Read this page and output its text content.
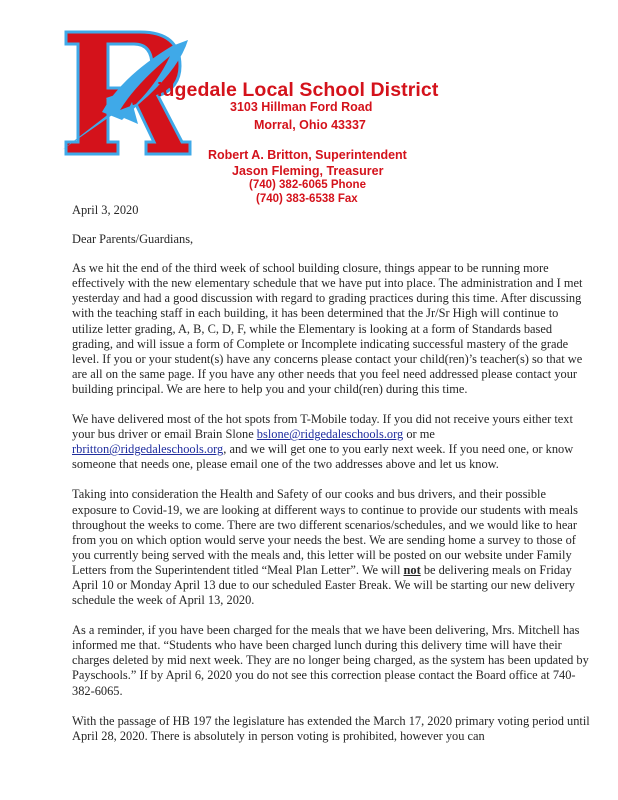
idgedale Local School District
3103 Hillman Ford Road
Morral, Ohio 43337
Robert A. Britton, Superintendent
Jason Fleming, Treasurer
(740) 382-6065 Phone
(740) 383-6538 Fax

April 3, 2020

Dear Parents/Guardians,

As we hit the end of the third week of school building closure, things appear to be running more effectively with the new elementary schedule that we have put into place. The administration and I met yesterday and had a good discussion with regard to grading practices during this time. After discussing with the teaching staff in each building, it has been determined that the Jr/Sr High will continue to utilize letter grading, A, B, C, D, F, while the Elementary is looking at a form of Standards based grading, and will issue a form of Complete or Incomplete indicating successful mastery of the grade level. If you or your student(s) have any concerns please contact your child(ren)’s teacher(s) so that we are all on the same page. If you have any other needs that you feel need addressed please contact your building principal. We are here to help you and your child(ren) during this time.

We have delivered most of the hot spots from T-Mobile today. If you did not receive yours either text your bus driver or email Brain Slone bslone@ridgedaleschools.org or me rbritton@ridgedaleschools.org, and we will get one to you early next week. If you need one, or know someone that needs one, please email one of the two addresses above and let us know.

Taking into consideration the Health and Safety of our cooks and bus drivers, and their possible exposure to Covid-19, we are looking at different ways to continue to provide our students with meals throughout the weeks to come. There are two different scenarios/schedules, and we would like to hear from you on which option would serve your needs the best. We are sending home a survey to those of you currently being served with the meals and, this letter will be posted on our website under Family Letters from the Superintendent titled “Meal Plan Letter”. We will not be delivering meals on Friday April 10 or Monday April 13 due to our scheduled Easter Break. We will be starting our new delivery schedule the week of April 13, 2020.

As a reminder, if you have been charged for the meals that we have been delivering, Mrs. Mitchell has informed me that. “Students who have been charged lunch during this delivery time will have their charges deleted by mid next week. They are no longer being charged, as the system has been updated by Payschools.” If by April 6, 2020 you do not see this correction please contact the Board office at 740-382-6065.

With the passage of HB 197 the legislature has extended the March 17, 2020 primary voting period until April 28, 2020. There is absolutely in person voting is prohibited, however you can
